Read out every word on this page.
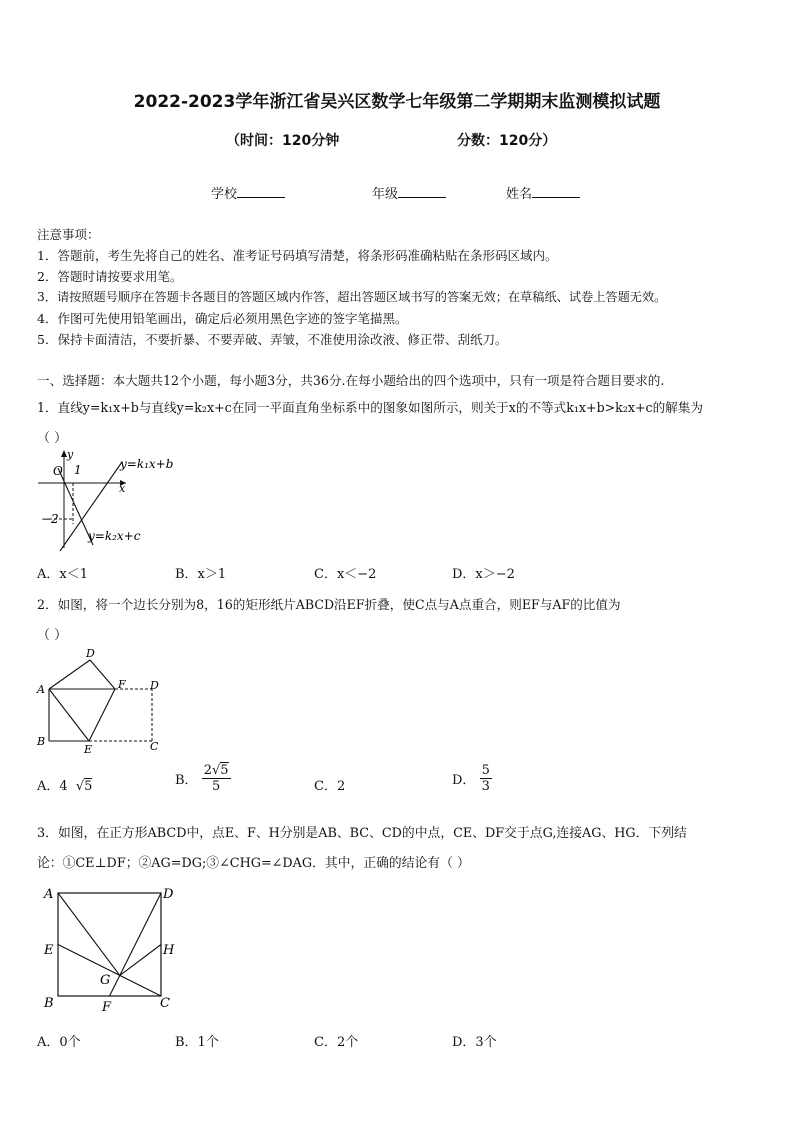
2022-2023学年浙江省吴兴区数学七年级第二学期期末监测模拟试题
（时间：120分钟	分数：120分）
学校	年级	姓名
注意事项：
1．答题前，考生先将自己的姓名、准考证号码填写清楚，将条形码准确粘贴在条形码区域内。
2．答题时请按要求用笔。
3．请按照题号顺序在答题卡各题目的答题区域内作答，超出答题区域书写的答案无效；在草稿纸、试卷上答题无效。
4．作图可先使用铅笔画出，确定后必须用黑色字迹的签字笔描黑。
5．保持卡面清洁，不要折暴、不要弄破、弄皱，不准使用涂改液、修正带、刮纸刀。
一、选择题：本大题共12个小题，每小题3分，共36分.在每小题给出的四个选项中，只有一项是符合题目要求的.
1．直线y=k₁x+b与直线y=k₂x+c在同一平面直角坐标系中的图象如图所示，则关于x的不等式k₁x+b>k₂x+c的解集为
（ ）
O
y
x
1
−2
y=k₁x+b
y=k₂x+c
A．x＜1	B．x＞1	C．x＜−2	D．x＞−2
2．如图，将一个边长分别为8，16的矩形纸片ABCD沿EF折叠，使C点与A点重合，则EF与AF的比值为
（ ）
A
B
E	C
D
F
D
A．4 √5	B． $\frac{2√5}{5}$	C．2	D． $\frac{5}{3}$
3．如图，在正方形ABCD中，点E、F、H分别是AB、BC、CD的中点，CE、DF交于点G,连接AG、HG．下列结
论：①CE⊥DF；②AG=DG;③∠CHG=∠DAG．其中，正确的结论有（ ）
A	D
E	H
B	C
F
G
A．0个	B．1个	C．2个	D．3个
